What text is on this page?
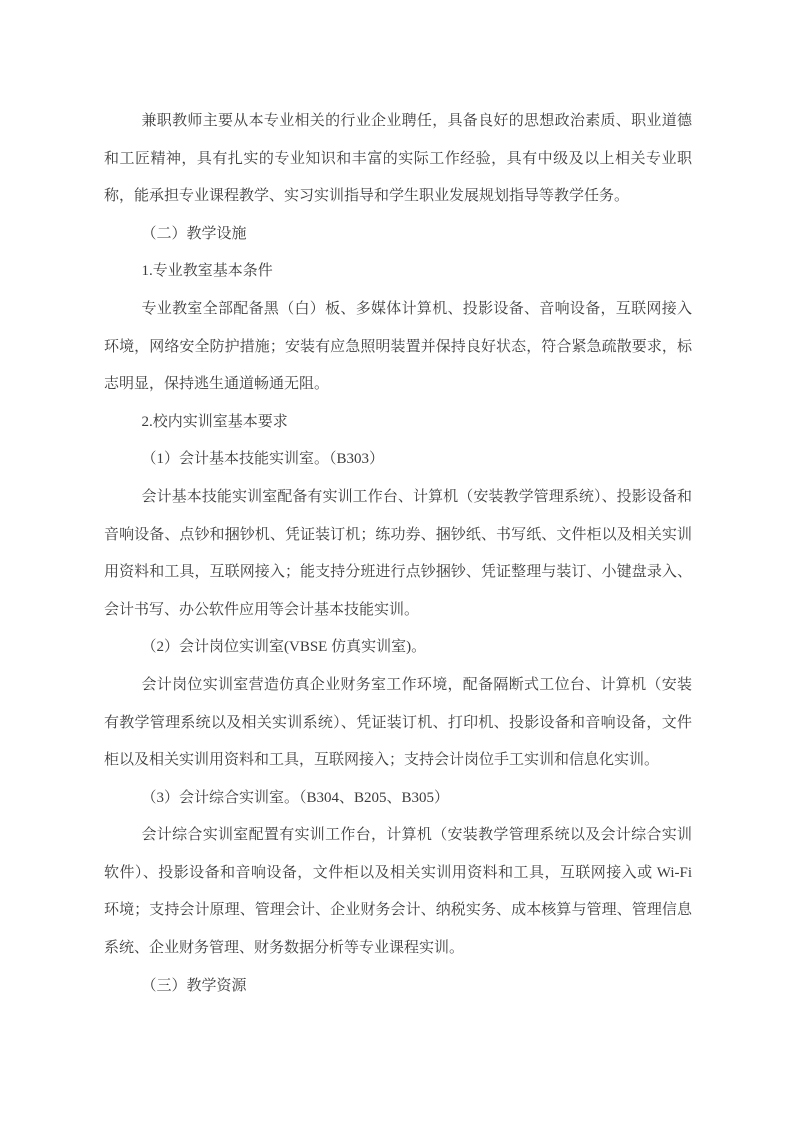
兼职教师主要从本专业相关的行业企业聘任，具备良好的思想政治素质、职业道德和工匠精神，具有扎实的专业知识和丰富的实际工作经验，具有中级及以上相关专业职称，能承担专业课程教学、实习实训指导和学生职业发展规划指导等教学任务。

（二）教学设施

1.专业教室基本条件

专业教室全部配备黑（白）板、多媒体计算机、投影设备、音响设备，互联网接入环境，网络安全防护措施；安装有应急照明装置并保持良好状态，符合紧急疏散要求，标志明显，保持逃生通道畅通无阻。

2.校内实训室基本要求

（1）会计基本技能实训室。（B303）

会计基本技能实训室配备有实训工作台、计算机（安装教学管理系统）、投影设备和音响设备、点钞和捆钞机、凭证装订机；练功券、捆钞纸、书写纸、文件柜以及相关实训用资料和工具，互联网接入；能支持分班进行点钞捆钞、凭证整理与装订、小键盘录入、会计书写、办公软件应用等会计基本技能实训。

（2）会计岗位实训室(VBSE 仿真实训室)。

会计岗位实训室营造仿真企业财务室工作环境，配备隔断式工位台、计算机（安装有教学管理系统以及相关实训系统）、凭证装订机、打印机、投影设备和音响设备，文件柜以及相关实训用资料和工具，互联网接入；支持会计岗位手工实训和信息化实训。

（3）会计综合实训室。（B304、B205、B305）

会计综合实训室配置有实训工作台，计算机（安装教学管理系统以及会计综合实训软件）、投影设备和音响设备，文件柜以及相关实训用资料和工具，互联网接入或 Wi-Fi 环境；支持会计原理、管理会计、企业财务会计、纳税实务、成本核算与管理、管理信息系统、企业财务管理、财务数据分析等专业课程实训。

（三）教学资源
